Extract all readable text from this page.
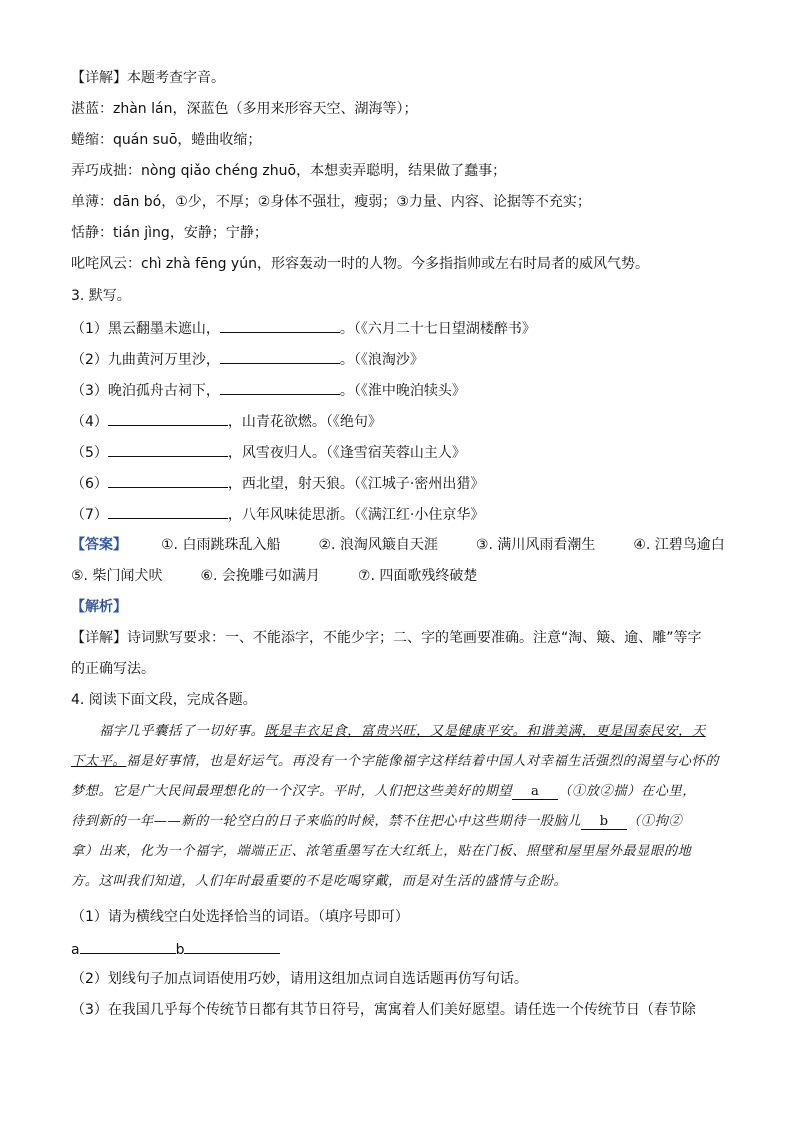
【详解】本题考查字音。
湛蓝：zhàn lán，深蓝色（多用来形容天空、湖海等）；
蜷缩：quán suō，蜷曲收缩；
弄巧成拙：nòng qiǎo chéng zhuō，本想卖弄聪明，结果做了蠢事；
单薄：dān bó，①少，不厚；②身体不强壮，瘦弱；③力量、内容、论据等不充实；
恬静：tián jìng，安静；宁静；
叱咤风云：chì zhà fēng yún，形容轰动一时的人物。今多指指帅或左右时局者的威风气势。
3. 默写。
（1）黑云翻墨未遮山，	。（《六月二十七日望湖楼醉书》
（2）九曲黄河万里沙，	。（《浪淘沙》
（3）晚泊孤舟古祠下，	。（《淮中晚泊犊头》
（4）	，山青花欲燃。（《绝句》
（5）	，风雪夜归人。（《逢雪宿芙蓉山主人》
（6）	，西北望，射天狼。（《江城子·密州出猎》
（7）	，八年风味徒思浙。（《满江红·小住京华》
【答案】 ①. 白雨跳珠乱入船	②. 浪淘风簸自天涯	③. 满川风雨看潮生	④. 江碧鸟逾白
⑤. 柴门闻犬吠	⑥. 会挽雕弓如满月	⑦. 四面歌残终破楚
【解析】
【详解】诗词默写要求：一、不能添字，不能少字；二、字的笔画要准确。注意“淘、簸、逾、雕”等字
的正确写法。
4. 阅读下面文段，完成各题。
福字几乎囊括了一切好事。既是丰衣足食，富贵兴旺，又是健康平安。和谐美满，更是国泰民安，天
下太平。福是好事情，也是好运气。再没有一个字能像福字这样结着中国人对幸福生活强烈的渴望与心怀的
梦想。它是广大民间最理想化的一个汉字。平时，人们把这些美好的期望 a （①放②揣）在心里，
待到新的一年——新的一轮空白的日子来临的时候，禁不住把心中这些期待一股脑儿 b （①拘②
拿）出来，化为一个福字，端端正正、浓笔重墨写在大红纸上，贴在门板、照壁和屋里屋外最显眼的地
方。这叫我们知道，人们年时最重要的不是吃喝穿戴，而是对生活的盛情与企盼。
（1）请为横线空白处选择恰当的词语。（填序号即可）
a	b
（2）划线句子加点词语使用巧妙，请用这组加点词自选话题再仿写句话。
（3）在我国几乎每个传统节日都有其节日符号，寓寓着人们美好愿望。请任选一个传统节日（春节除
